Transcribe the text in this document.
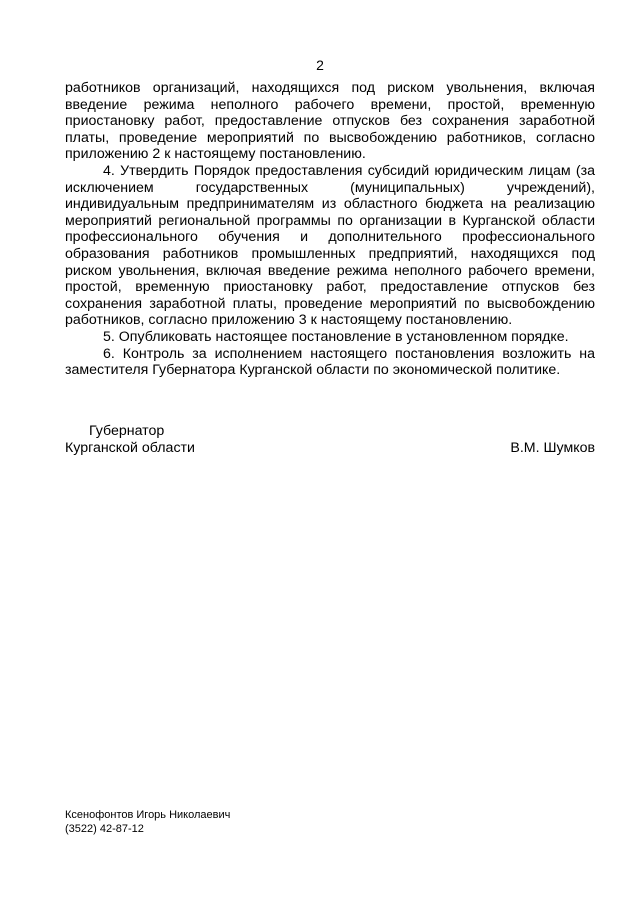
2

работников организаций, находящихся под риском увольнения, включая введение режима неполного рабочего времени, простой, временную приостановку работ, предоставление отпусков без сохранения заработной платы, проведение мероприятий по высвобождению работников, согласно приложению 2 к настоящему постановлению.

4. Утвердить Порядок предоставления субсидий юридическим лицам (за исключением государственных (муниципальных) учреждений), индивидуальным предпринимателям из областного бюджета на реализацию мероприятий региональной программы по организации в Курганской области профессионального обучения и дополнительного профессионального образования работников промышленных предприятий, находящихся под риском увольнения, включая введение режима неполного рабочего времени, простой, временную приостановку работ, предоставление отпусков без сохранения заработной платы, проведение мероприятий по высвобождению работников, согласно приложению 3 к настоящему постановлению.

5. Опубликовать настоящее постановление в установленном порядке.

6. Контроль за исполнением настоящего постановления возложить на заместителя Губернатора Курганской области по экономической политике.

Губернатор
Курганской области	В.М. Шумков
Ксенофонтов Игорь Николаевич
(3522) 42-87-12
